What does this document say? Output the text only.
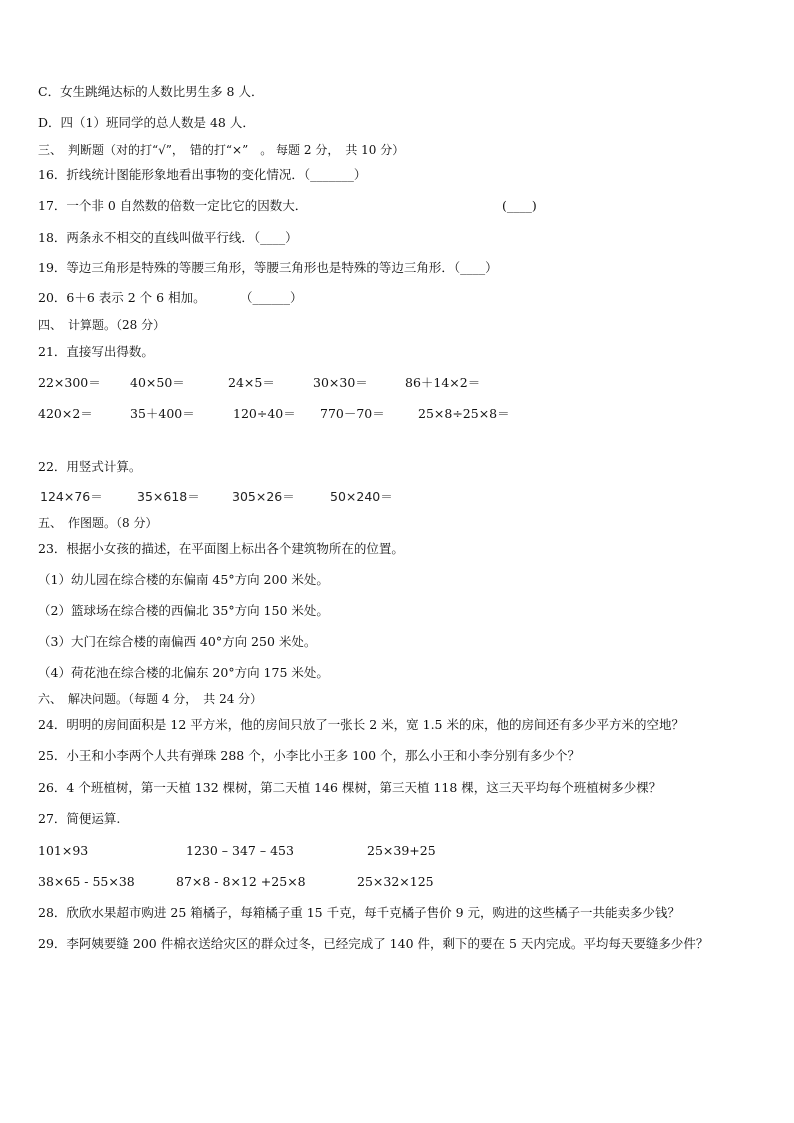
C．女生跳绳达标的人数比男生多 8 人．
D．四（1）班同学的总人数是 48 人．
三、　判断题（对的打“√”，　错的打“×”　。 每题 2 分，　共 10 分）
16．折线统计图能形象地看出事物的变化情况．（_______）
17．一个非 0 自然数的倍数一定比它的因数大．	(____)
18．两条永不相交的直线叫做平行线．（____）
19．等边三角形是特殊的等腰三角形，等腰三角形也是特殊的等边三角形．（____）
20．6＋6 表示 2 个 6 相加。	（______）
四、　计算题。（28 分）
21．直接写出得数。
22×300＝ 40×50＝	24×5＝	30×30＝	86＋14×2＝
420×2＝	35＋400＝	120÷40＝ 770－70＝	25×8÷25×8＝
22．用竖式计算。
124×76＝	35×618＝	305×26＝	50×240＝
五、　作图题。（8 分）
23．根据小女孩的描述，在平面图上标出各个建筑物所在的位置。
（1）幼儿园在综合楼的东偏南 45°方向 200 米处。
（2）篮球场在综合楼的西偏北 35°方向 150 米处。
（3）大门在综合楼的南偏西 40°方向 250 米处。
（4）荷花池在综合楼的北偏东 20°方向 175 米处。
六、　解决问题。（每题 4 分，　共 24 分）
24．明明的房间面积是 12 平方米，他的房间只放了一张长 2 米，宽 1.5 米的床，他的房间还有多少平方米的空地？
25．小王和小李两个人共有弹珠 288 个，小李比小王多 100 个，那么小王和小李分别有多少个？
26．4 个班植树，第一天植 132 棵树，第二天植 146 棵树，第三天植 118 棵，这三天平均每个班植树多少棵？
27．简便运算.
101×93	1230 – 347 – 453	25×39+25
38×65 - 55×38	87×8 - 8×12 +25×8	25×32×125
28．欣欣水果超市购进 25 箱橘子，每箱橘子重 15 千克，每千克橘子售价 9 元，购进的这些橘子一共能卖多少钱？
29．李阿姨要缝 200 件棉衣送给灾区的群众过冬，已经完成了 140 件，剩下的要在 5 天内完成。平均每天要缝多少件？
